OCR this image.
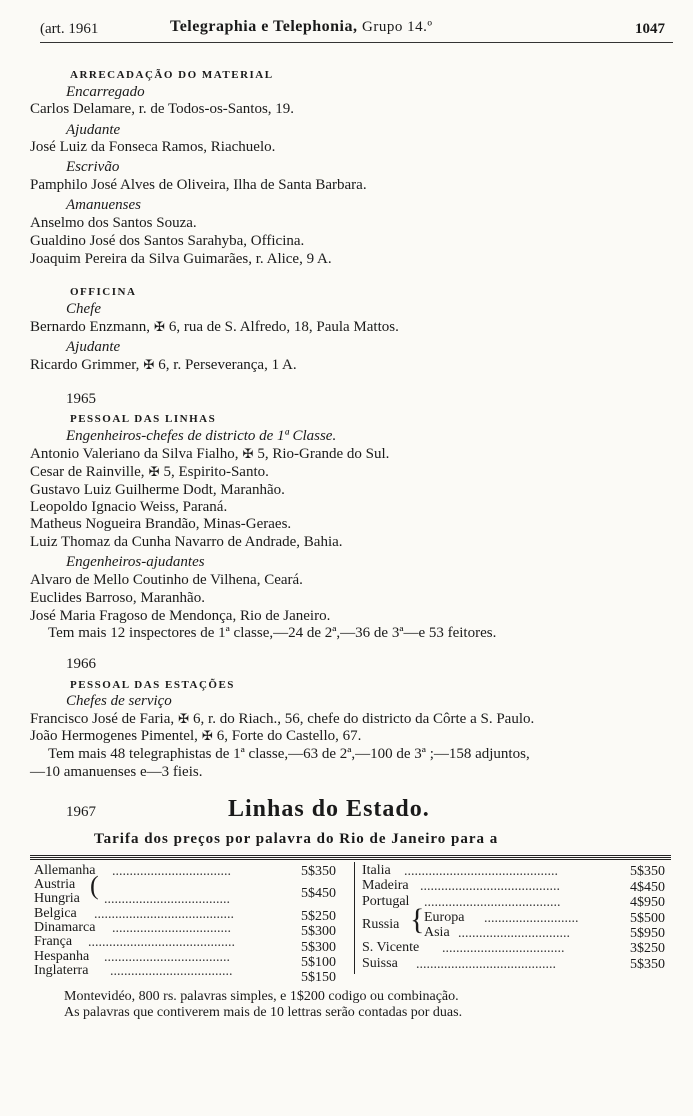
(art. 1961	Telegraphia e Telephonia, Grupo 14.º	1047
ARRECADAÇÃO DO MATERIAL
Encarregado
Carlos Delamare, r. de Todos-os-Santos, 19.
Ajudante
José Luiz da Fonseca Ramos, Riachuelo.
Escrivão
Pamphilo José Alves de Oliveira, Ilha de Santa Barbara.
Amanuenses
Anselmo dos Santos Souza.
Gualdino José dos Santos Sarahyba, Officina.
Joaquim Pereira da Silva Guimarães, r. Alice, 9 A.
OFFICINA
Chefe
Bernardo Enzmann, ✠ 6, rua de S. Alfredo, 18, Paula Mattos.
Ajudante
Ricardo Grimmer, ✠ 6, r. Perseverança, 1 A.
1965
PESSOAL DAS LINHAS
Engenheiros-chefes de districto de 1ª Classe.
Antonio Valeriano da Silva Fialho, ✠ 5, Rio-Grande do Sul.
Cesar de Rainville, ✠ 5, Espirito-Santo.
Gustavo Luiz Guilherme Dodt, Maranhão.
Leopoldo Ignacio Weiss, Paraná.
Matheus Nogueira Brandão, Minas-Geraes.
Luiz Thomaz da Cunha Navarro de Andrade, Bahia.
Engenheiros-ajudantes
Alvaro de Mello Coutinho de Vilhena, Ceará.
Euclides Barroso, Maranhão.
José Maria Fragoso de Mendonça, Rio de Janeiro.
Tem mais 12 inspectores de 1ª classe,—24 de 2ª,—36 de 3ª—e 53 feitores.
1966
PESSOAL DAS ESTAÇÕES
Chefes de serviço
Francisco José de Faria, ✠ 6, r. do Riach., 56, chefe do districto da Côrte a S. Paulo.
João Hermogenes Pimentel, ✠ 6, Forte do Castello, 67.
Tem mais 48 telegraphistas de 1ª classe,—63 de 2ª,—100 de 3ª ;—158 adjuntos,
—10 amanuenses e—3 fieis.
1967	Linhas do Estado.
Tarifa dos preços por palavra do Rio de Janeiro para a
Allemanha ..................................	5$350
Austria
Hungria ( ....................................	5$450
Belgica ........................................	5$250
Dinamarca ..................................	5$300
França ..........................................	5$300
Hespanha ....................................	5$100
Inglaterra ...................................	5$150
Italia ............................................	5$350
Madeira ........................................	4$450
Portugal .......................................	4$950
Russia { Europa ...........................	5$500
Asia ................................	5$950
S. Vicente ...................................	3$250
Suissa ........................................	5$350
Montevidéo, 800 rs. palavras simples, e 1$200 codigo ou combinação.
As palavras que contiverem mais de 10 lettras serão contadas por duas.
